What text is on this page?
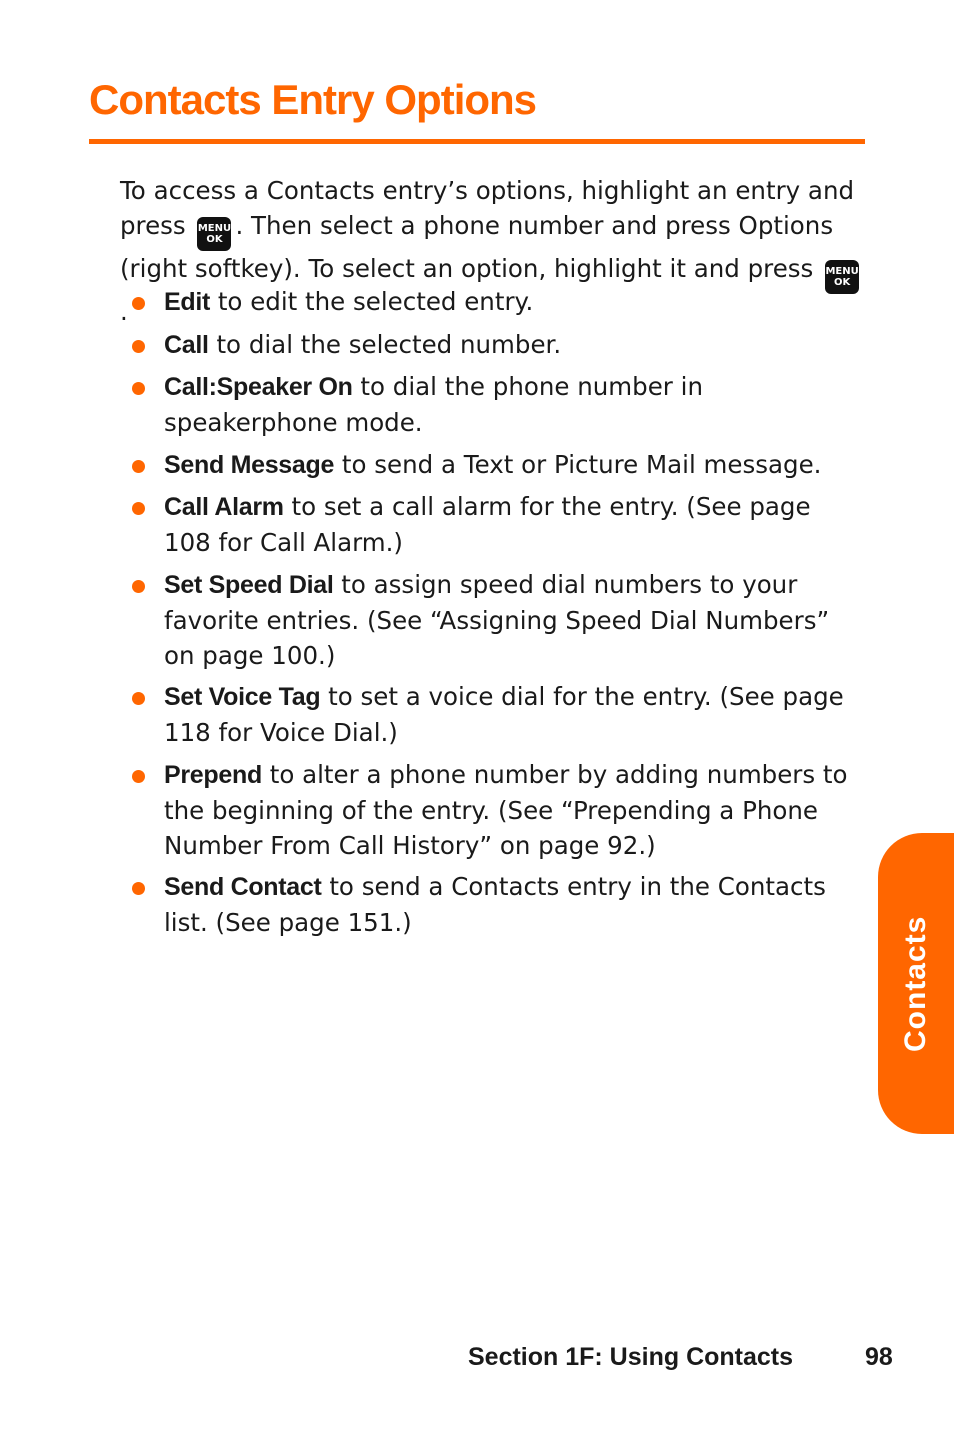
Contacts Entry Options

To access a Contacts entry’s options, highlight an entry and press MENU
OK . Then select a phone number and press Options (right softkey). To select an option, highlight it and press MENU
OK
.	Edit to edit the selected entry.
Call to dial the selected number.
Call:Speaker On to dial the phone number in speakerphone mode.
Send Message to send a Text or Picture Mail message.
Call Alarm to set a call alarm for the entry. (See page 108 for Call Alarm.)
Set Speed Dial to assign speed dial numbers to your favorite entries. (See “Assigning Speed Dial Numbers” on page 100.)
Set Voice Tag to set a voice dial for the entry. (See page 118 for Voice Dial.)
Prepend to alter a phone number by adding numbers to the beginning of the entry. (See “Prepending a Phone Number From Call History” on page 92.)
Send Contact to send a Contacts entry in the Contacts list. (See page 151.)	Contacts
Section 1F: Using Contacts	98
